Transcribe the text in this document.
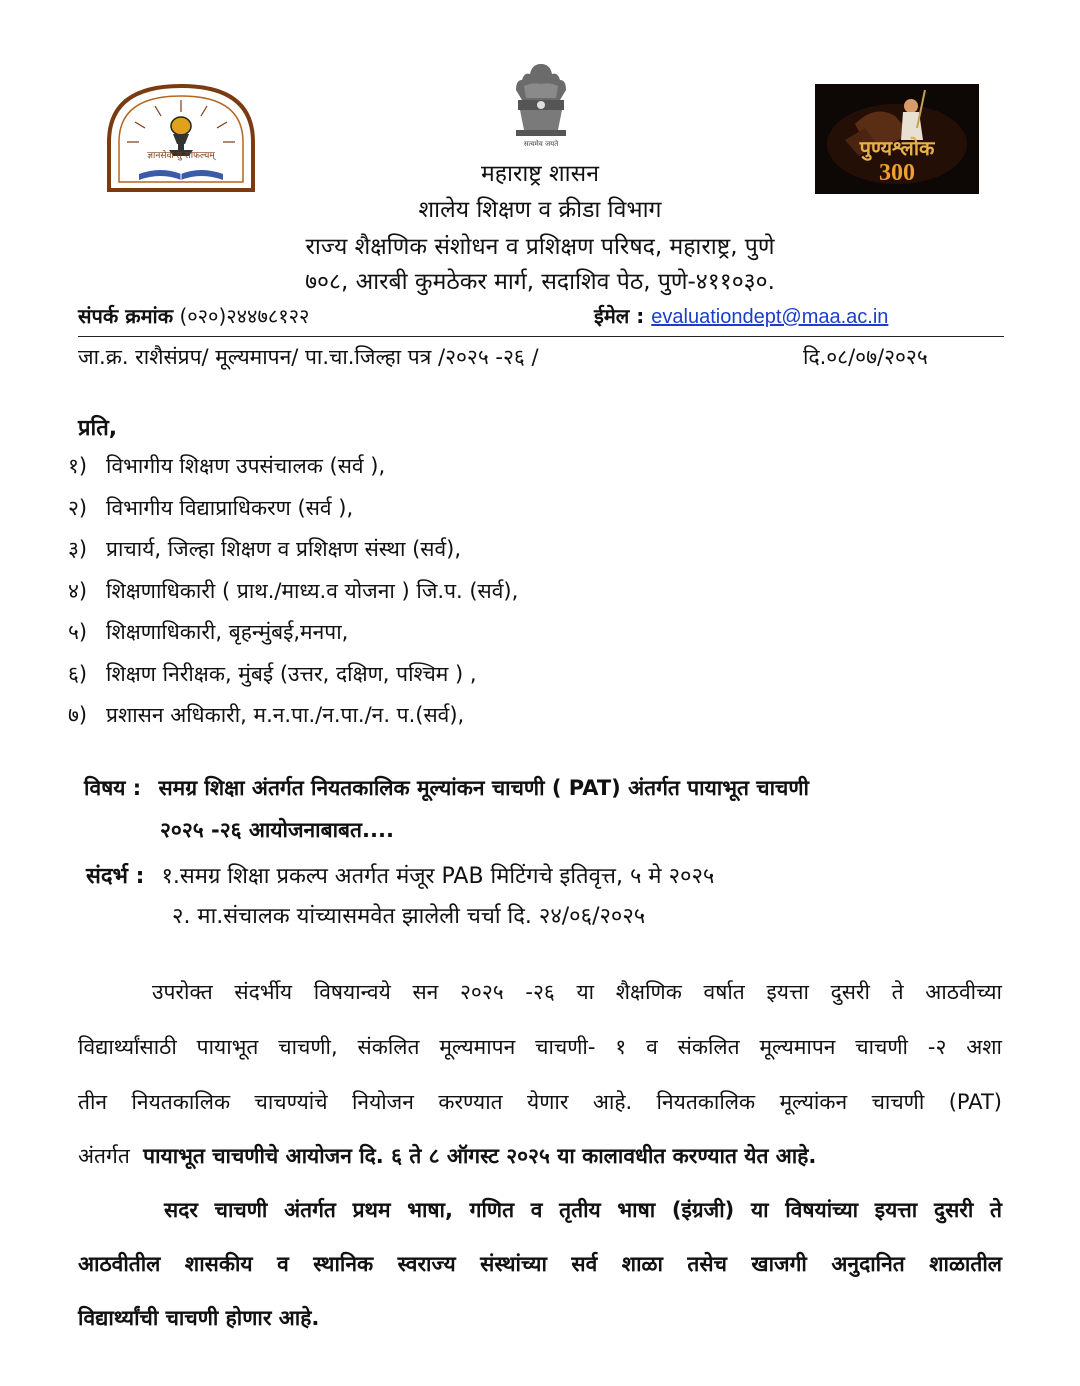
ज्ञानसेवा तु साफल्यम्
सत्यमेव जयते	पुण्यश्लोक
300
महाराष्ट्र शासन
शालेय शिक्षण व क्रीडा विभाग
राज्य शैक्षणिक संशोधन व प्रशिक्षण परिषद, महाराष्ट्र, पुणे
७०८, आरबी कुमठेकर मार्ग, सदाशिव पेठ, पुणे-४११०३०.
संपर्क क्रमांक (०२०)२४४७८१२२	ईमेल : evaluationdept@maa.ac.in
जा.क्र. राशैसंप्रप/ मूल्यमापन/ पा.चा.जिल्हा पत्र /२०२५ -२६ /	दि.०८/०७/२०२५
प्रति,
१) विभागीय शिक्षण उपसंचालक (सर्व ),
२) विभागीय विद्याप्राधिकरण (सर्व ),
३) प्राचार्य, जिल्हा शिक्षण व प्रशिक्षण संस्था (सर्व),
४) शिक्षणाधिकारी ( प्राथ./माध्य.व योजना ) जि.प. (सर्व),
५) शिक्षणाधिकारी, बृहन्मुंबई,मनपा,
६) शिक्षण निरीक्षक, मुंबई (उत्तर, दक्षिण, पश्चिम ) ,
७) प्रशासन अधिकारी, म.न.पा./न.पा./न. प.(सर्व),
विषय : समग्र शिक्षा अंतर्गत नियतकालिक मूल्यांकन चाचणी ( PAT) अंतर्गत पायाभूत चाचणी
२०२५ -२६ आयोजनाबाबत....
संदर्भ : १.समग्र शिक्षा प्रकल्प अतर्गत मंजूर PAB मिटिंगचे इतिवृत्त, ५ मे २०२५
२. मा.संचालक यांच्यासमवेत झालेली चर्चा दि. २४/०६/२०२५
उपरोक्त संदर्भीय विषयान्वये सन २०२५ -२६ या शैक्षणिक वर्षात इयत्ता दुसरी ते आठवीच्या
विद्यार्थ्यांसाठी पायाभूत चाचणी, संकलित मूल्यमापन चाचणी- १ व संकलित मूल्यमापन चाचणी -२ अशा
तीन नियतकालिक चाचण्यांचे नियोजन करण्यात येणार आहे. नियतकालिक मूल्यांकन चाचणी (PAT)
अंतर्गत पायाभूत चाचणीचे आयोजन दि. ६ ते ८ ऑगस्ट २०२५ या कालावधीत करण्यात येत आहे.
सदर चाचणी अंतर्गत प्रथम भाषा, गणित व तृतीय भाषा (इंग्रजी) या विषयांच्या इयत्ता दुसरी ते
आठवीतील शासकीय व स्थानिक स्वराज्य संस्थांच्या सर्व शाळा तसेच खाजगी अनुदानित शाळातील
विद्यार्थ्यांची चाचणी होणार आहे.
